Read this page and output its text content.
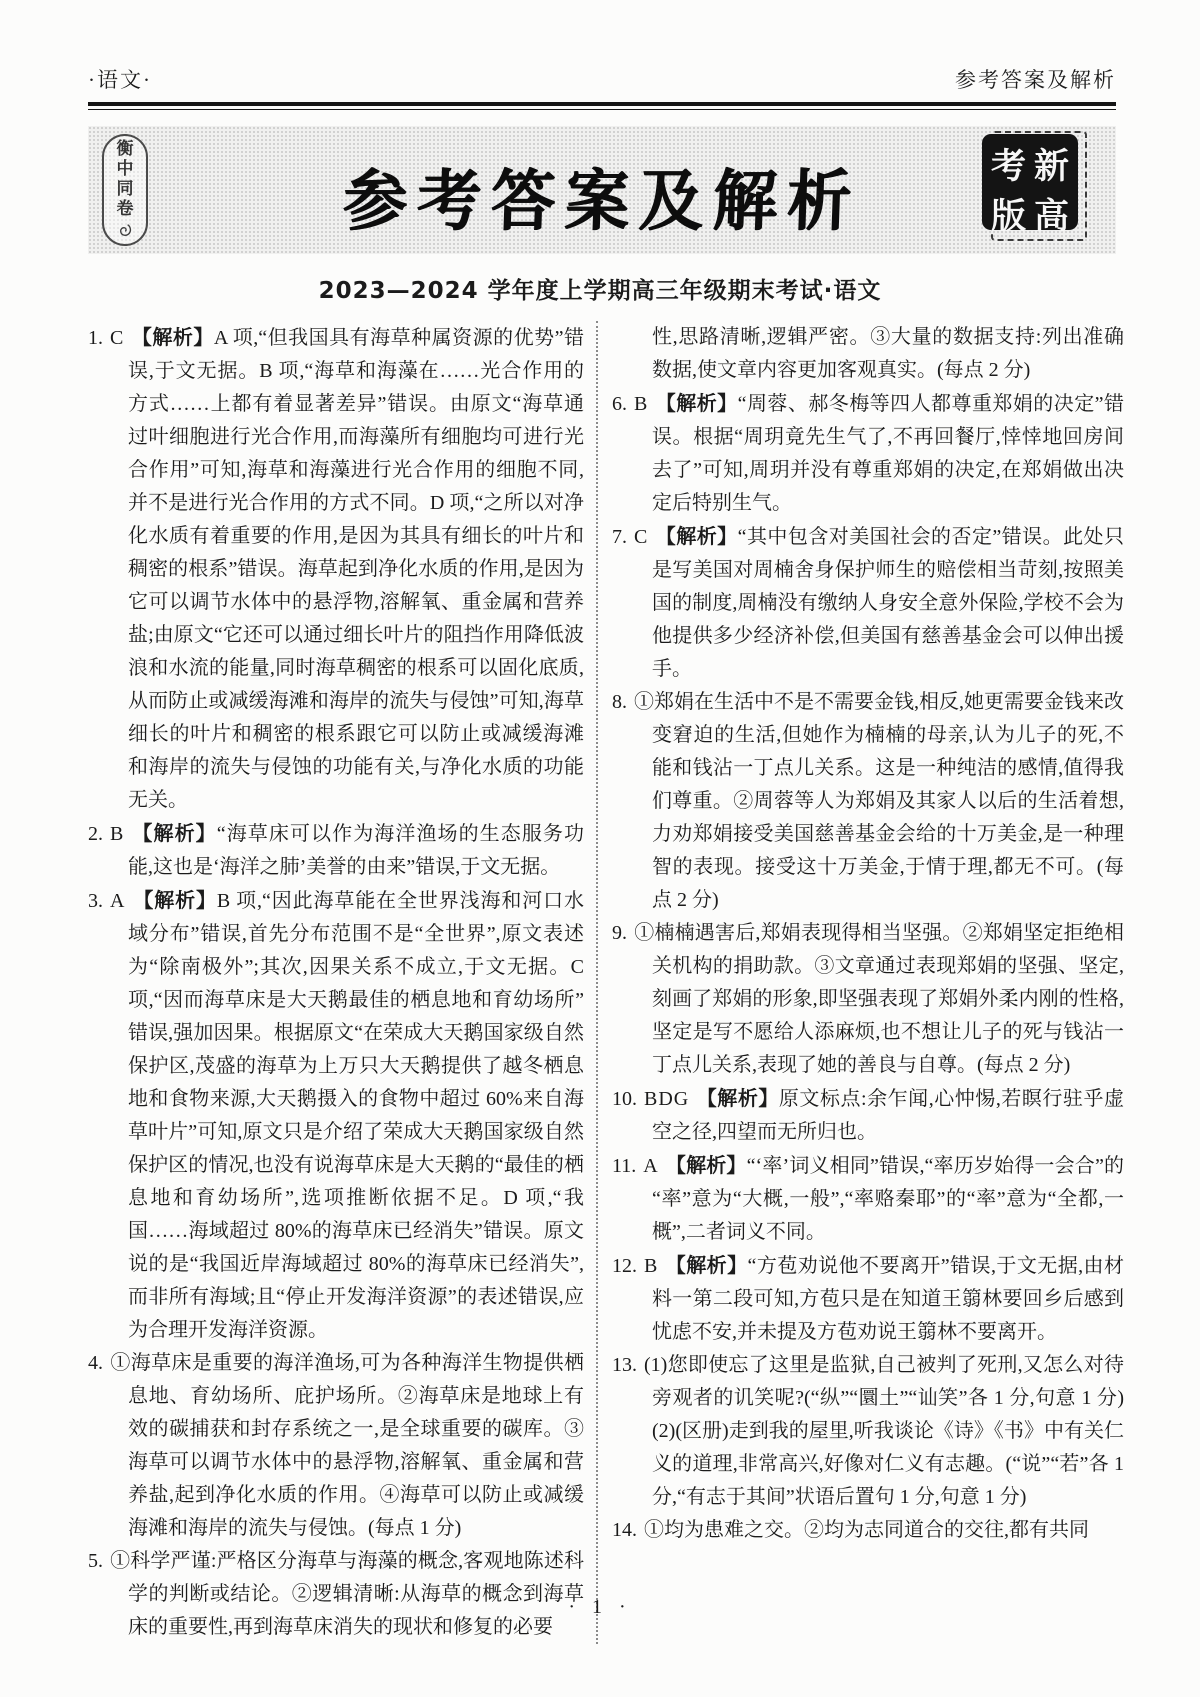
·语文·	参考答案及解析
衡
中
同
卷	参考答案及解析	考 新
版 高
2023—2024 学年度上学期高三年级期末考试·语文

1. C 【解析】A 项,“但我国具有海草种属资源的优势”错误,于文无据。B 项,“海草和海藻在……光合作用的方式……上都有着显著差异”错误。由原文“海草通过叶细胞进行光合作用,而海藻所有细胞均可进行光合作用”可知,海草和海藻进行光合作用的细胞不同,并不是进行光合作用的方式不同。D 项,“之所以对净化水质有着重要的作用,是因为其具有细长的叶片和稠密的根系”错误。海草起到净化水质的作用,是因为它可以调节水体中的悬浮物,溶解氧、重金属和营养盐;由原文“它还可以通过细长叶片的阻挡作用降低波浪和水流的能量,同时海草稠密的根系可以固化底质,从而防止或减缓海滩和海岸的流失与侵蚀”可知,海草细长的叶片和稠密的根系跟它可以防止或减缓海滩和海岸的流失与侵蚀的功能有关,与净化水质的功能无关。

2. B 【解析】“海草床可以作为海洋渔场的生态服务功能,这也是‘海洋之肺’美誉的由来”错误,于文无据。

3. A 【解析】B 项,“因此海草能在全世界浅海和河口水域分布”错误,首先分布范围不是“全世界”,原文表述为“除南极外”;其次,因果关系不成立,于文无据。C 项,“因而海草床是大天鹅最佳的栖息地和育幼场所”错误,强加因果。根据原文“在荣成大天鹅国家级自然保护区,茂盛的海草为上万只大天鹅提供了越冬栖息地和食物来源,大天鹅摄入的食物中超过 60%来自海草叶片”可知,原文只是介绍了荣成大天鹅国家级自然保护区的情况,也没有说海草床是大天鹅的“最佳的栖息地和育幼场所”,选项推断依据不足。D 项,“我国……海域超过 80%的海草床已经消失”错误。原文说的是“我国近岸海域超过 80%的海草床已经消失”,而非所有海域;且“停止开发海洋资源”的表述错误,应为合理开发海洋资源。

4. ①海草床是重要的海洋渔场,可为各种海洋生物提供栖息地、育幼场所、庇护场所。②海草床是地球上有效的碳捕获和封存系统之一,是全球重要的碳库。③海草可以调节水体中的悬浮物,溶解氧、重金属和营养盐,起到净化水质的作用。④海草可以防止或减缓海滩和海岸的流失与侵蚀。(每点 1 分)

5. ①科学严谨:严格区分海草与海藻的概念,客观地陈述科学的判断或结论。②逻辑清晰:从海草的概念到海草床的重要性,再到海草床消失的现状和修复的必要

性,思路清晰,逻辑严密。③大量的数据支持:列出准确数据,使文章内容更加客观真实。(每点 2 分)

6. B 【解析】“周蓉、郝冬梅等四人都尊重郑娟的决定”错误。根据“周玥竟先生气了,不再回餐厅,悻悻地回房间去了”可知,周玥并没有尊重郑娟的决定,在郑娟做出决定后特别生气。

7. C 【解析】“其中包含对美国社会的否定”错误。此处只是写美国对周楠舍身保护师生的赔偿相当苛刻,按照美国的制度,周楠没有缴纳人身安全意外保险,学校不会为他提供多少经济补偿,但美国有慈善基金会可以伸出援手。

8. ①郑娟在生活中不是不需要金钱,相反,她更需要金钱来改变窘迫的生活,但她作为楠楠的母亲,认为儿子的死,不能和钱沾一丁点儿关系。这是一种纯洁的感情,值得我们尊重。②周蓉等人为郑娟及其家人以后的生活着想,力劝郑娟接受美国慈善基金会给的十万美金,是一种理智的表现。接受这十万美金,于情于理,都无不可。(每点 2 分)

9. ①楠楠遇害后,郑娟表现得相当坚强。②郑娟坚定拒绝相关机构的捐助款。③文章通过表现郑娟的坚强、坚定,刻画了郑娟的形象,即坚强表现了郑娟外柔内刚的性格,坚定是写不愿给人添麻烦,也不想让儿子的死与钱沾一丁点儿关系,表现了她的善良与自尊。(每点 2 分)

10. BDG 【解析】原文标点:余乍闻,心忡惕,若瞑行驻乎虚空之径,四望而无所归也。

11. A 【解析】“‘率’词义相同”错误,“率历岁始得一会合”的“率”意为“大概,一般”,“率赂秦耶”的“率”意为“全都,一概”,二者词义不同。

12. B 【解析】“方苞劝说他不要离开”错误,于文无据,由材料一第二段可知,方苞只是在知道王篛林要回乡后感到忧虑不安,并未提及方苞劝说王篛林不要离开。

13. (1)您即使忘了这里是监狱,自己被判了死刑,又怎么对待旁观者的讥笑呢?(“纵”“圜土”“讪笑”各 1 分,句意 1 分) (2)(区册)走到我的屋里,听我谈论《诗》《书》中有关仁义的道理,非常高兴,好像对仁义有志趣。(“说”“若”各 1 分,“有志于其间”状语后置句 1 分,句意 1 分)

14. ①均为患难之交。②均为志同道合的交往,都有共同

· 1 ·
